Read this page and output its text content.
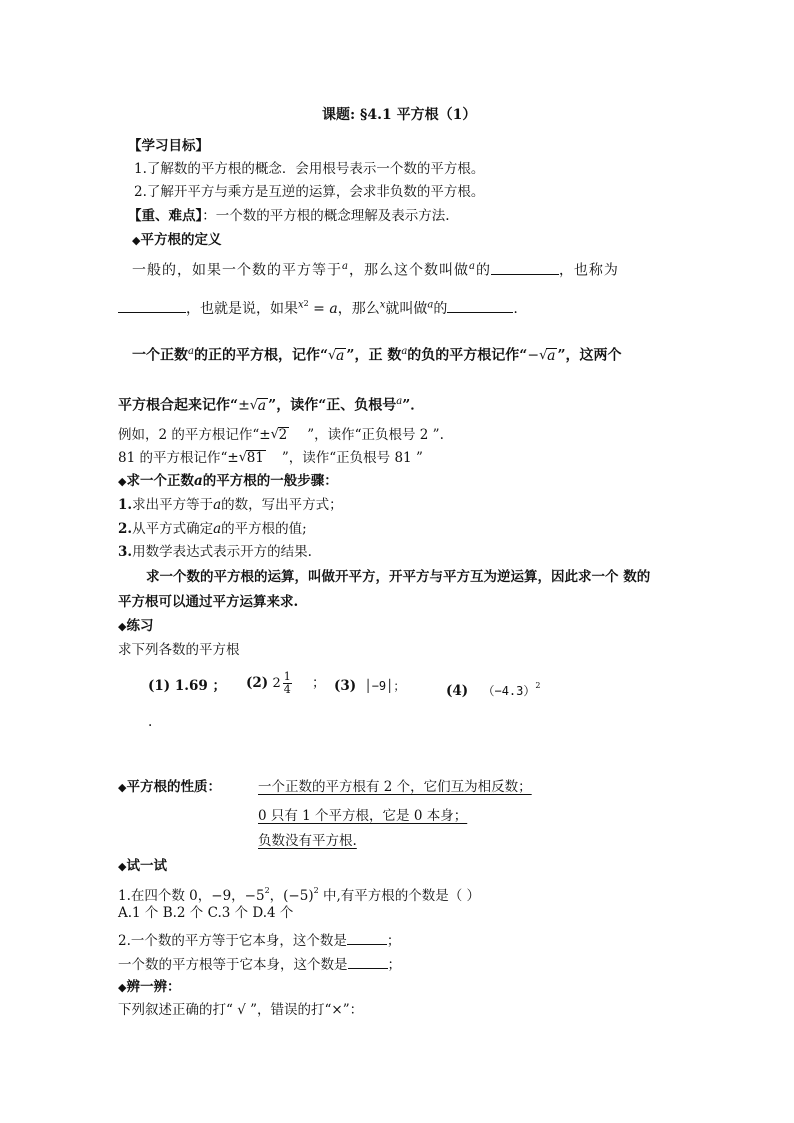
课题: §4.1 平方根（1）
【学习目标】
1.了解数的平方根的概念．会用根号表示一个数的平方根。
2.了解开平方与乘方是互逆的运算，会求非负数的平方根。
【重、难点】：一个数的平方根的概念理解及表示方法.
◆平方根的定义
一般的，如果一个数的平方等于$^a$，那么这个数叫做$^a$的	，也称为
，也就是说，如果$^{x2}$ = a，那么$^x$就叫做$^a$的	.
一个正数$^a$的正的平方根，记作“ √ a ”，正 数$^a$的负的平方根记作“− √ a ”，这两个
平方根合起来记作“± √ a ”，读作“正、负根号$^a$”．
例如，2 的平方根记作“± √ 2 ”，读作“正负根号 2 ”.
81 的平方根记作“± √ 81 ”，读作“正负根号 81 ”
◆求一个正数a的平方根的一般步骤：
1.求出平方等于a的数，写出平方式；
2.从平方式确定a的平方根的值;
3.用数学表达式表示开方的结果.
求一个数的平方根的运算，叫做开平方，开平方与平方互为逆运算，因此求一个 数的
平方根可以通过平方运算来求.
◆练习
求下列各数的平方根
(1) 1.69 ； (2) $2 \frac{1}{4}$ ； (3) │−9│；	(4) $(-4.3)^2$
.
◆平方根的性质：	一个正数的平方根有 2 个，它们互为相反数；
0 只有 1 个平方根，它是 0 本身；
负数没有平方根.
◆试一试
1.在四个数 0，−9，$-5^2$，$(-5)^2$ 中,有平方根的个数是（ ）
A.1 个 B.2 个 C.3 个 D.4 个
2.一个数的平方等于它本身，这个数是	；
一个数的平方根等于它本身，这个数是	；
◆辨一辨：
下列叙述正确的打“ √ ”，错误的打“×”：
